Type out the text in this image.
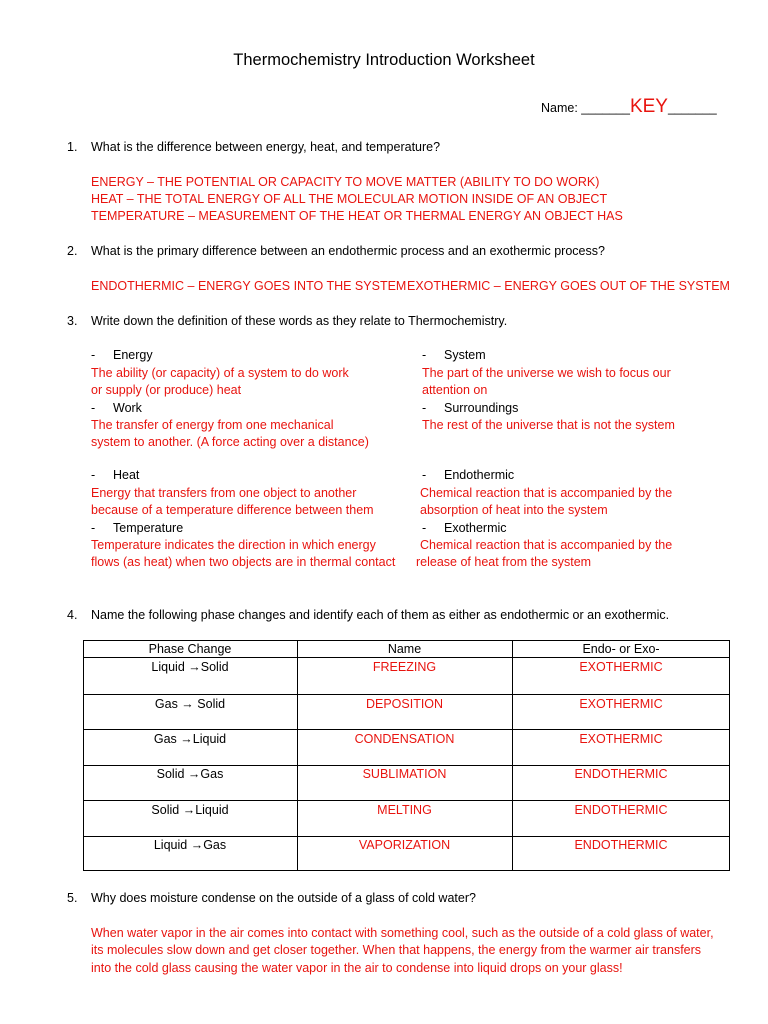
Thermochemistry Introduction Worksheet
Name: _______KEY_______
1.	What is the difference between energy, heat, and temperature?
ENERGY – THE POTENTIAL OR CAPACITY TO MOVE MATTER (ABILITY TO DO WORK)
HEAT – THE TOTAL ENERGY OF ALL THE MOLECULAR MOTION INSIDE OF AN OBJECT
TEMPERATURE – MEASUREMENT OF THE HEAT OR THERMAL ENERGY AN OBJECT HAS
2.	What is the primary difference between an endothermic process and an exothermic process?
ENDOTHERMIC – ENERGY GOES INTO THE SYSTEM EXOTHERMIC – ENERGY GOES OUT OF THE SYSTEM
3.	Write down the definition of these words as they relate to Thermochemistry.
- Energy
The ability (or capacity) of a system to do work
or supply (or produce) heat
- Work
The transfer of energy from one mechanical
system to another. (A force acting over a distance)
- Heat
Energy that transfers from one object to another
because of a temperature difference between them
- Temperature
Temperature indicates the direction in which energy
flows (as heat) when two objects are in thermal contact
- System
The part of the universe we wish to focus our
attention on
- Surroundings
The rest of the universe that is not the system
- Endothermic
Chemical reaction that is accompanied by the
absorption of heat into the system
- Exothermic
Chemical reaction that is accompanied by the
release of heat from the system
4.	Name the following phase changes and identify each of them as either as endothermic or an exothermic.
Phase Change	Name	Endo- or Exo-
Liquid →Solid	FREEZING	EXOTHERMIC
Gas → Solid	DEPOSITION	EXOTHERMIC
Gas →Liquid	CONDENSATION	EXOTHERMIC
Solid →Gas	SUBLIMATION	ENDOTHERMIC
Solid →Liquid	MELTING	ENDOTHERMIC
Liquid →Gas	VAPORIZATION	ENDOTHERMIC
5.	Why does moisture condense on the outside of a glass of cold water?
When water vapor in the air comes into contact with something cool, such as the outside of a cold glass of water,
its molecules slow down and get closer together. When that happens, the energy from the warmer air transfers
into the cold glass causing the water vapor in the air to condense into liquid drops on your glass!
